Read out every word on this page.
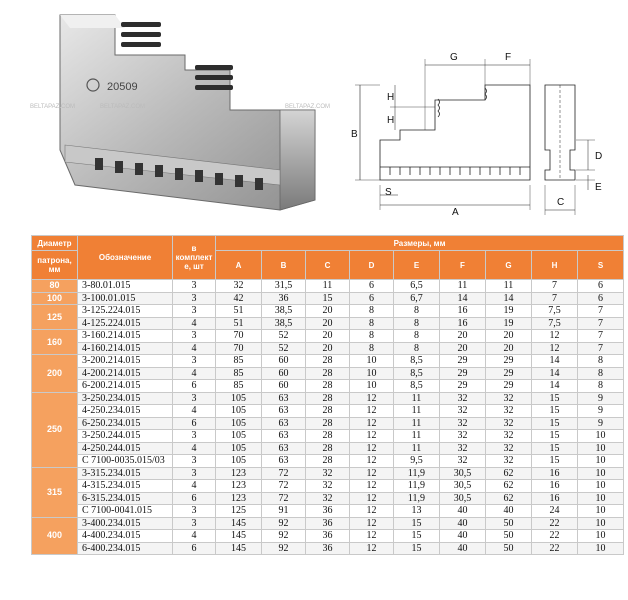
20509
BELTAPAZ.COM	BELTAPAZ.COM	BELTAPAZ.COM
G	F
H
H
B
D
S
A
C
E
Диаметр	Обозначение	в комплект е, шт	Размеры, мм								
патрона, мм			A	B	C	D	E	F	G	H	S
80	3-80.01.015	3	32	31,5	11	6	6,5	11	11	7	6
100	3-100.01.015	3	42	36	15	6	6,7	14	14	7	6
125	3-125.224.015	3	51	38,5	20	8	8	16	19	7,5	7
	4-125.224.015	4	51	38,5	20	8	8	16	19	7,5	7
160	3-160.214.015	3	70	52	20	8	8	20	20	12	7
	4-160.214.015	4	70	52	20	8	8	20	20	12	7
200	3-200.214.015	3	85	60	28	10	8,5	29	29	14	8
	4-200.214.015	4	85	60	28	10	8,5	29	29	14	8
	6-200.214.015	6	85	60	28	10	8,5	29	29	14	8
250	3-250.234.015	3	105	63	28	12	11	32	32	15	9
	4-250.234.015	4	105	63	28	12	11	32	32	15	9
	6-250.234.015	6	105	63	28	12	11	32	32	15	9
	3-250.244.015	3	105	63	28	12	11	32	32	15	10
	4-250.244.015	4	105	63	28	12	11	32	32	15	10
	С 7100-0035.015/03	3	105	63	28	12	9,5	32	32	15	10
315	3-315.234.015	3	123	72	32	12	11,9	30,5	62	16	10
	4-315.234.015	4	123	72	32	12	11,9	30,5	62	16	10
	6-315.234.015	6	123	72	32	12	11,9	30,5	62	16	10
	С 7100-0041.015	3	125	91	36	12	13	40	40	24	10
400	3-400.234.015	3	145	92	36	12	15	40	50	22	10
	4-400.234.015	4	145	92	36	12	15	40	50	22	10
	6-400.234.015	6	145	92	36	12	15	40	50	22	10
